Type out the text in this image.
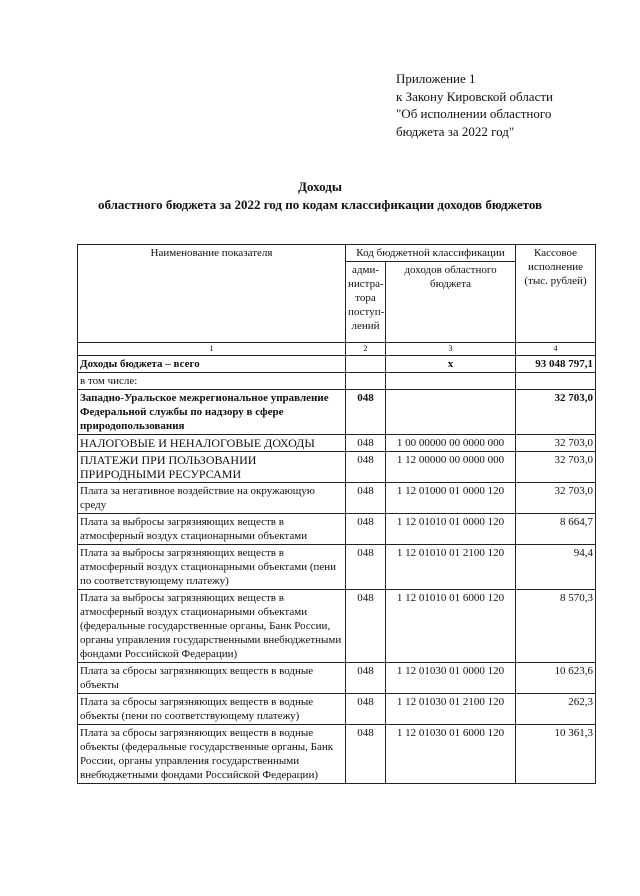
Приложение 1
к Закону Кировской области
"Об исполнении областного
бюджета за 2022 год"
Доходы
областного бюджета за 2022 год по кодам классификации доходов бюджетов
Наименование показателя	Код бюджетной классификации		Кассовое исполнение (тыс. рублей)
	адми-нистра-тора поступ-лений	доходов областного бюджета	
1	2	3	4
Доходы бюджета – всего		х	93 048 797,1
в том числе:			
Западно-Уральское межрегиональное управление Федеральной службы по надзору в сфере природопользования	048		32 703,0
НАЛОГОВЫЕ И НЕНАЛОГОВЫЕ ДОХОДЫ	048	1 00 00000 00 0000 000	32 703,0
ПЛАТЕЖИ ПРИ ПОЛЬЗОВАНИИ ПРИРОДНЫМИ РЕСУРСАМИ	048	1 12 00000 00 0000 000	32 703,0
Плата за негативное воздействие на окружающую среду	048	1 12 01000 01 0000 120	32 703,0
Плата за выбросы загрязняющих веществ в атмосферный воздух стационарными объектами	048	1 12 01010 01 0000 120	8 664,7
Плата за выбросы загрязняющих веществ в атмосферный воздух стационарными объектами (пени по соответствующему платежу)	048	1 12 01010 01 2100 120	94,4
Плата за выбросы загрязняющих веществ в атмосферный воздух стационарными объектами (федеральные государственные органы, Банк России, органы управления государственными внебюджетными фондами Российской Федерации)	048	1 12 01010 01 6000 120	8 570,3
Плата за сбросы загрязняющих веществ в водные объекты	048	1 12 01030 01 0000 120	10 623,6
Плата за сбросы загрязняющих веществ в водные объекты (пени по соответствующему платежу)	048	1 12 01030 01 2100 120	262,3
Плата за сбросы загрязняющих веществ в водные объекты (федеральные государственные органы, Банк России, органы управления государственными внебюджетными фондами Российской Федерации)	048	1 12 01030 01 6000 120	10 361,3
